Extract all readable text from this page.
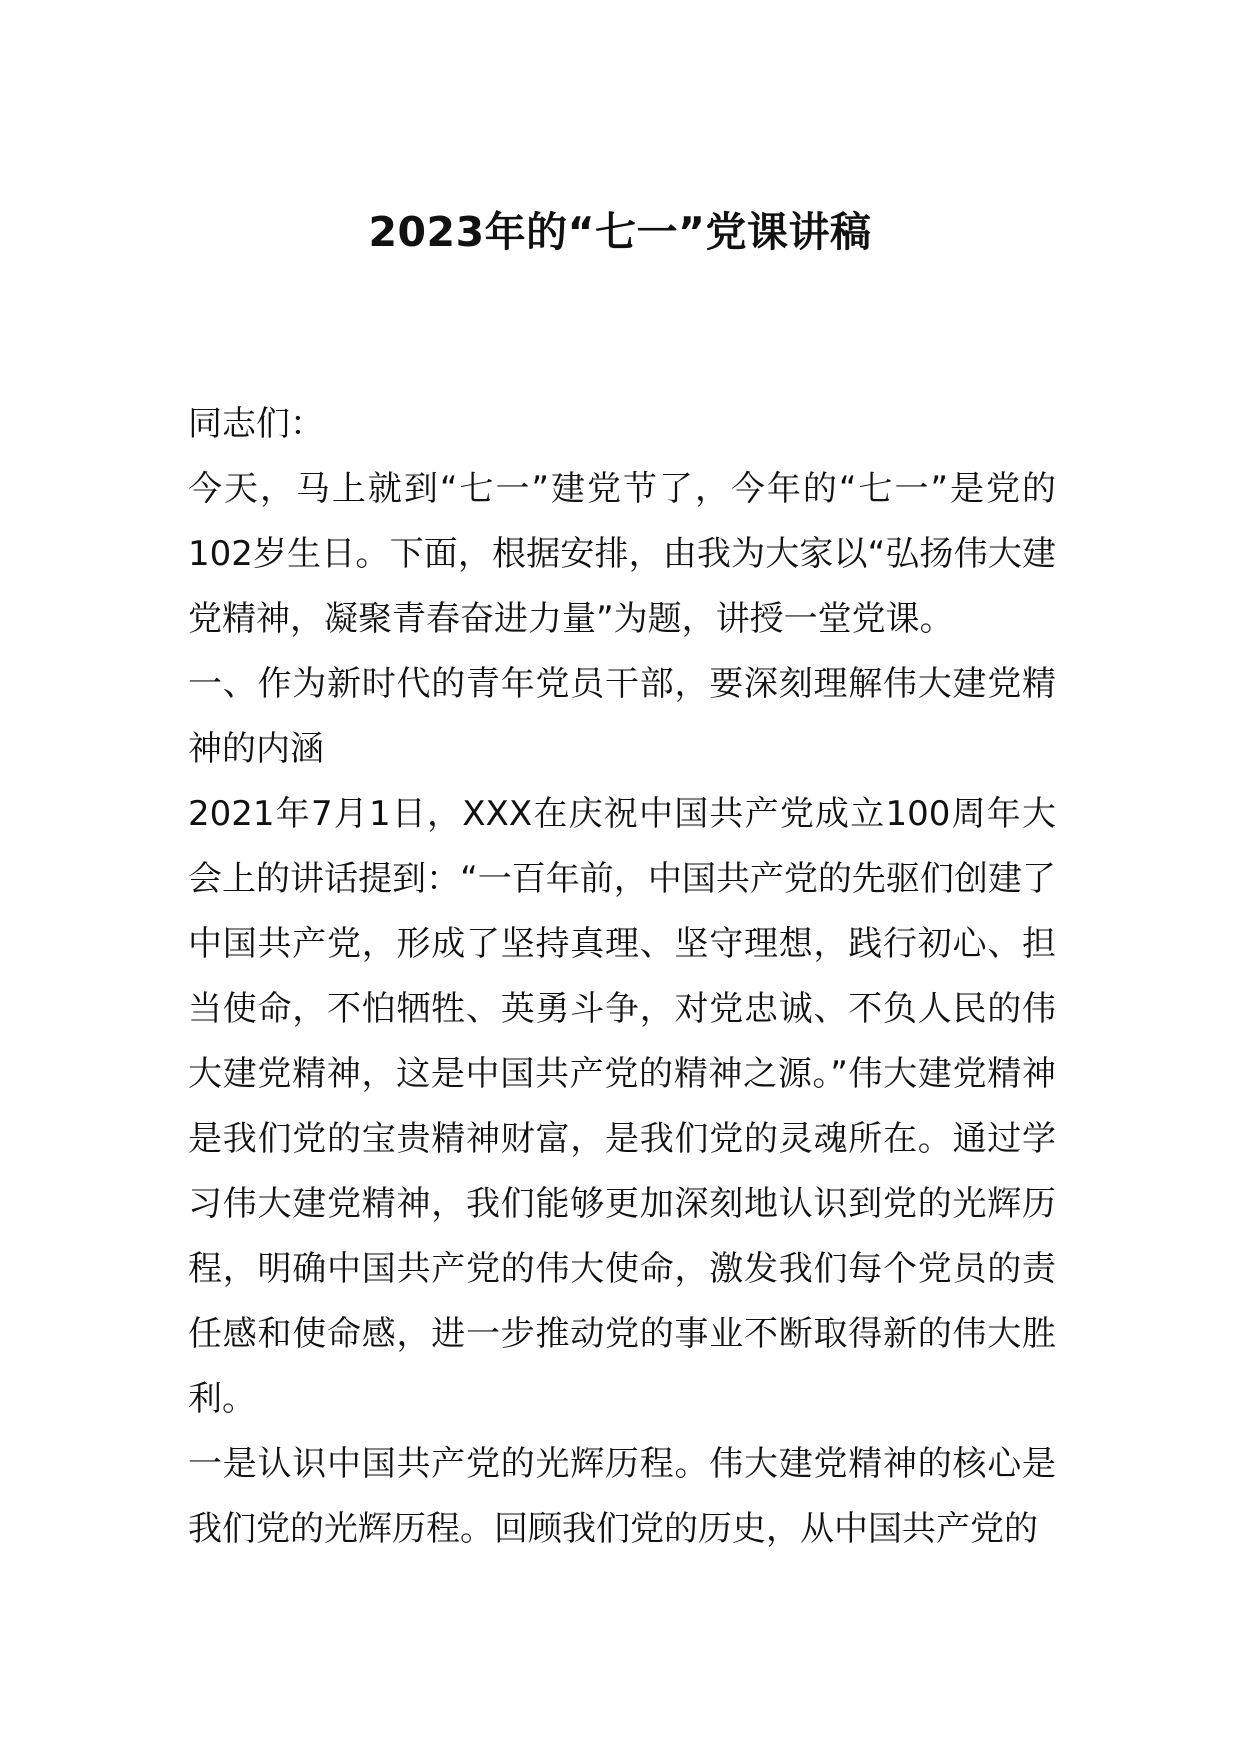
2023年的“七一”党课讲稿

同志们：

今天，马上就到“七一”建党节了，今年的“七一”是党的102岁生日。下面，根据安排，由我为大家以“弘扬伟大建党精神，凝聚青春奋进力量”为题，讲授一堂党课。

一、作为新时代的青年党员干部，要深刻理解伟大建党精神的内涵

2021年7月1日，XXX在庆祝中国共产党成立100周年大会上的讲话提到：“一百年前，中国共产党的先驱们创建了中国共产党，形成了坚持真理、坚守理想，践行初心、担当使命，不怕牺牲、英勇斗争，对党忠诚、不负人民的伟大建党精神，这是中国共产党的精神之源。”伟大建党精神是我们党的宝贵精神财富，是我们党的灵魂所在。通过学习伟大建党精神，我们能够更加深刻地认识到党的光辉历程，明确中国共产党的伟大使命，激发我们每个党员的责任感和使命感，进一步推动党的事业不断取得新的伟大胜利。

一是认识中国共产党的光辉历程。伟大建党精神的核心是我们党的光辉历程。回顾我们党的历史，从中国共产党的
